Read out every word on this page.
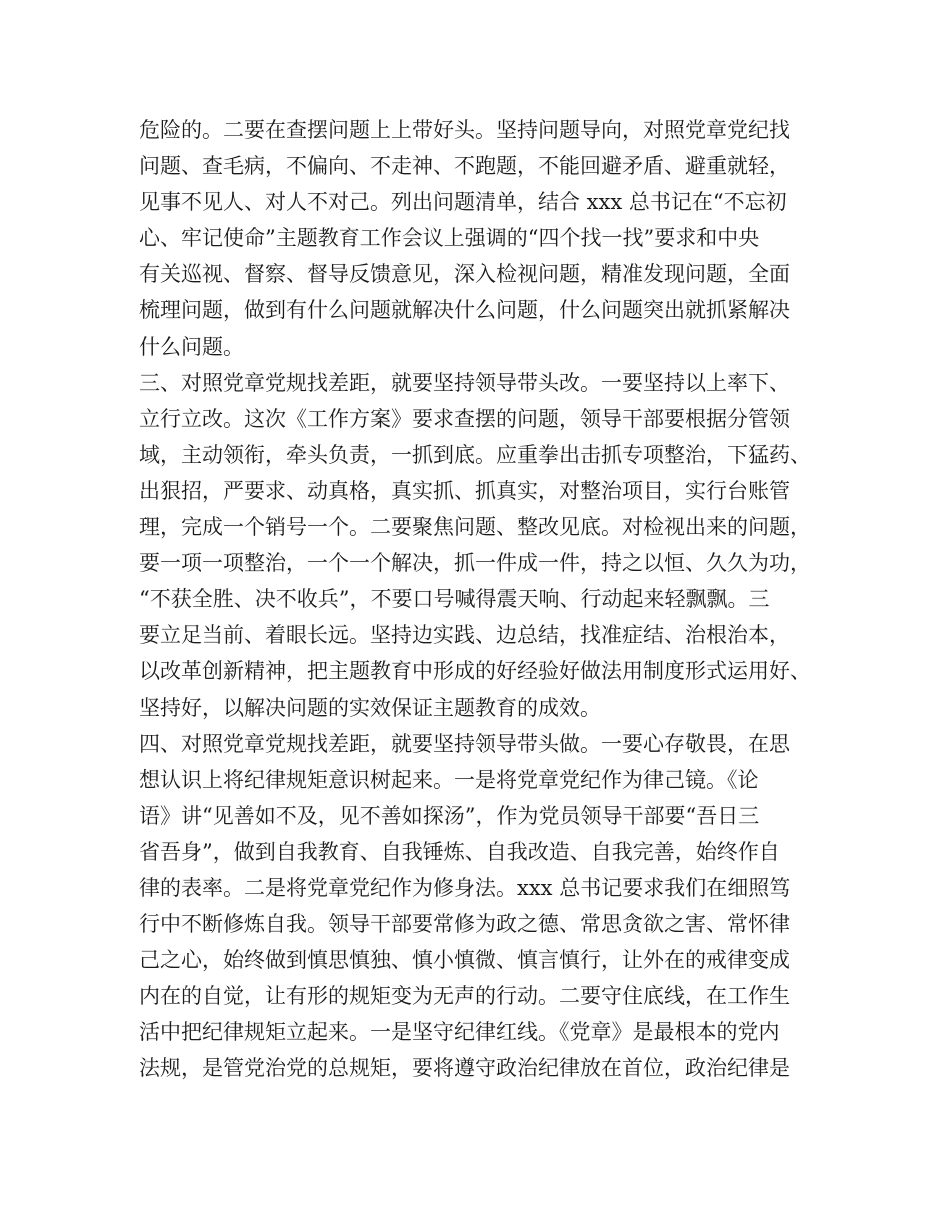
危险的。二要在查摆问题上上带好头。坚持问题导向，对照党章党纪找
问题、查毛病，不偏向、不走神、不跑题，不能回避矛盾、避重就轻，
见事不见人、对人不对己。列出问题清单，结合 xxx 总书记在“不忘初
心、牢记使命”主题教育工作会议上强调的“四个找一找”要求和中央
有关巡视、督察、督导反馈意见，深入检视问题，精准发现问题，全面
梳理问题，做到有什么问题就解决什么问题，什么问题突出就抓紧解决
什么问题。
三、对照党章党规找差距，就要坚持领导带头改。一要坚持以上率下、
立行立改。这次《工作方案》要求查摆的问题，领导干部要根据分管领
域，主动领衔，牵头负责，一抓到底。应重拳出击抓专项整治，下猛药、
出狠招，严要求、动真格，真实抓、抓真实，对整治项目，实行台账管
理，完成一个销号一个。二要聚焦问题、整改见底。对检视出来的问题，
要一项一项整治，一个一个解决，抓一件成一件，持之以恒、久久为功，
“不获全胜、决不收兵”，不要口号喊得震天响、行动起来轻飘飘。三
要立足当前、着眼长远。坚持边实践、边总结，找准症结、治根治本，
以改革创新精神，把主题教育中形成的好经验好做法用制度形式运用好、
坚持好，以解决问题的实效保证主题教育的成效。
四、对照党章党规找差距，就要坚持领导带头做。一要心存敬畏，在思
想认识上将纪律规矩意识树起来。一是将党章党纪作为律己镜。《论
语》讲“见善如不及，见不善如探汤”，作为党员领导干部要“吾日三
省吾身”，做到自我教育、自我锤炼、自我改造、自我完善，始终作自
律的表率。二是将党章党纪作为修身法。xxx 总书记要求我们在细照笃
行中不断修炼自我。领导干部要常修为政之德、常思贪欲之害、常怀律
己之心，始终做到慎思慎独、慎小慎微、慎言慎行，让外在的戒律变成
内在的自觉，让有形的规矩变为无声的行动。二要守住底线，在工作生
活中把纪律规矩立起来。一是坚守纪律红线。《党章》是最根本的党内
法规，是管党治党的总规矩，要将遵守政治纪律放在首位，政治纪律是
